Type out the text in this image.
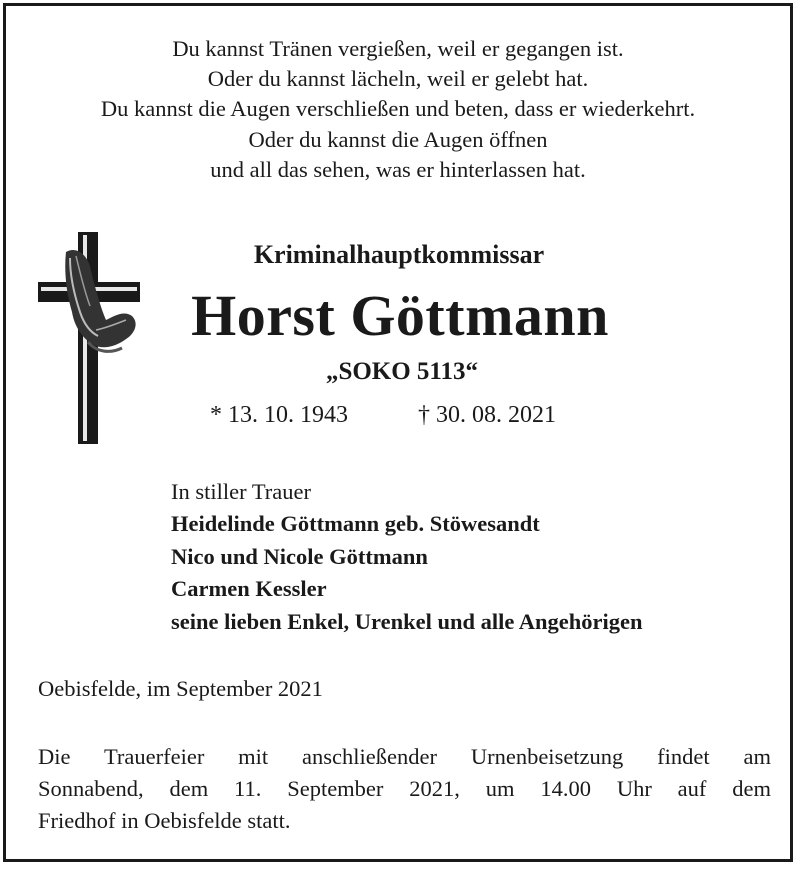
Du kannst Tränen vergießen, weil er gegangen ist.
Oder du kannst lächeln, weil er gelebt hat.
Du kannst die Augen verschließen und beten, dass er wiederkehrt.
Oder du kannst die Augen öffnen
und all das sehen, was er hinterlassen hat.
Kriminalhauptkommissar
Horst Göttmann
„SOKO 5113“
* 13. 10. 1943	† 30. 08. 2021
In stiller Trauer
Heidelinde Göttmann geb. Stöwesandt
Nico und Nicole Göttmann
Carmen Kessler
seine lieben Enkel, Urenkel und alle Angehörigen
Oebisfelde, im September 2021
Die Trauerfeier mit anschließender Urnenbeisetzung findet am
Sonnabend, dem 11. September 2021, um 14.00 Uhr auf dem
Friedhof in Oebisfelde statt.
